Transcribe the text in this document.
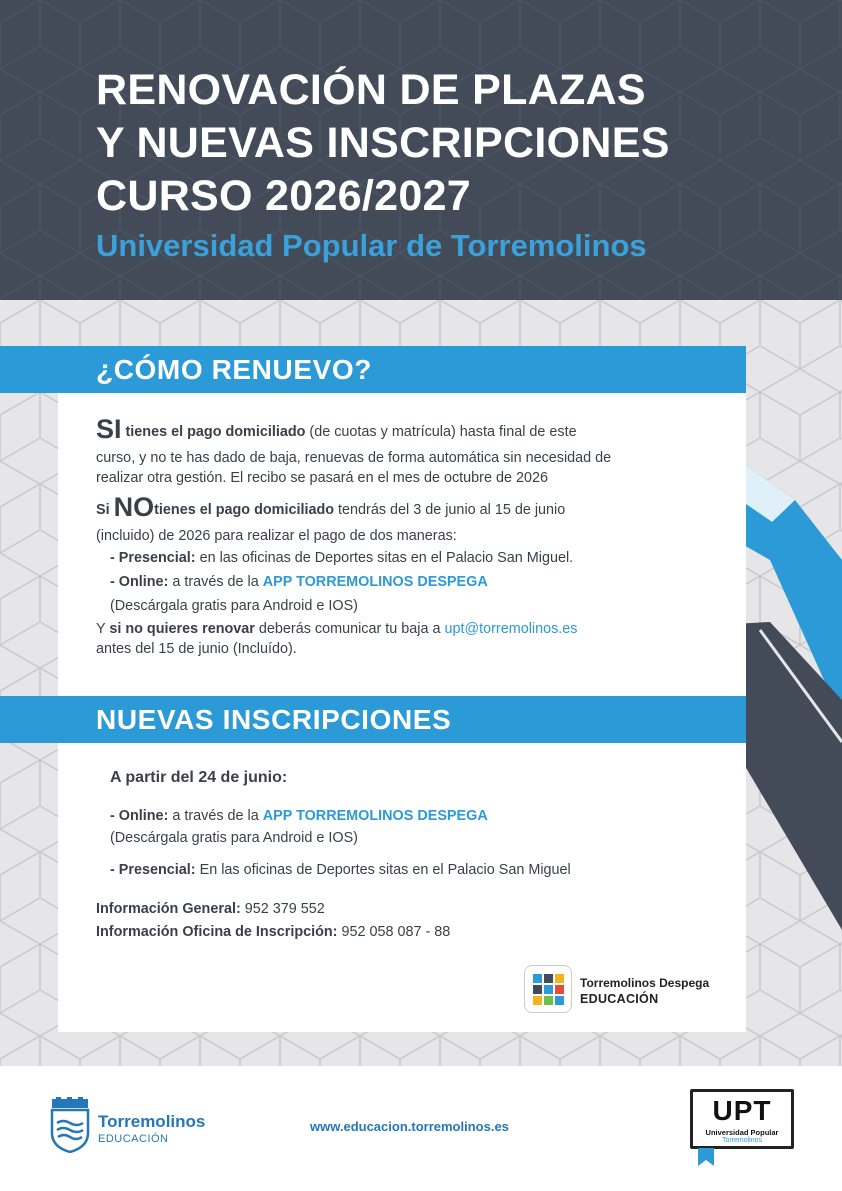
RENOVACIÓN DE PLAZAS
Y NUEVAS INSCRIPCIONES
CURSO 2026/2027
Universidad Popular de Torremolinos
¿CÓMO RENUEVO?
SI tienes el pago domiciliado (de cuotas y matrícula) hasta final de este
curso, y no te has dado de baja, renuevas de forma automática sin necesidad de
realizar otra gestión. El recibo se pasará en el mes de octubre de 2026
Si NOtienes el pago domiciliado tendrás del 3 de junio al 15 de junio
(incluido) de 2026 para realizar el pago de dos maneras:
- Presencial: en las oficinas de Deportes sitas en el Palacio San Miguel.
- Online: a través de la APP TORREMOLINOS DESPEGA
(Descárgala gratis para Android e IOS)
Y si no quieres renovar deberás comunicar tu baja a upt@torremolinos.es
antes del 15 de junio (Incluído).
NUEVAS INSCRIPCIONES
A partir del 24 de junio:
- Online: a través de la APP TORREMOLINOS DESPEGA
(Descárgala gratis para Android e IOS)
- Presencial: En las oficinas de Deportes sitas en el Palacio San Miguel
Información General: 952 379 552
Información Oficina de Inscripción: 952 058 087 - 88
Torremolinos Despega
EDUCACIÓN
Torremolinos
EDUCACIÓN
www.educacion.torremolinos.es
UPT
Universidad Popular
Torremolinos
